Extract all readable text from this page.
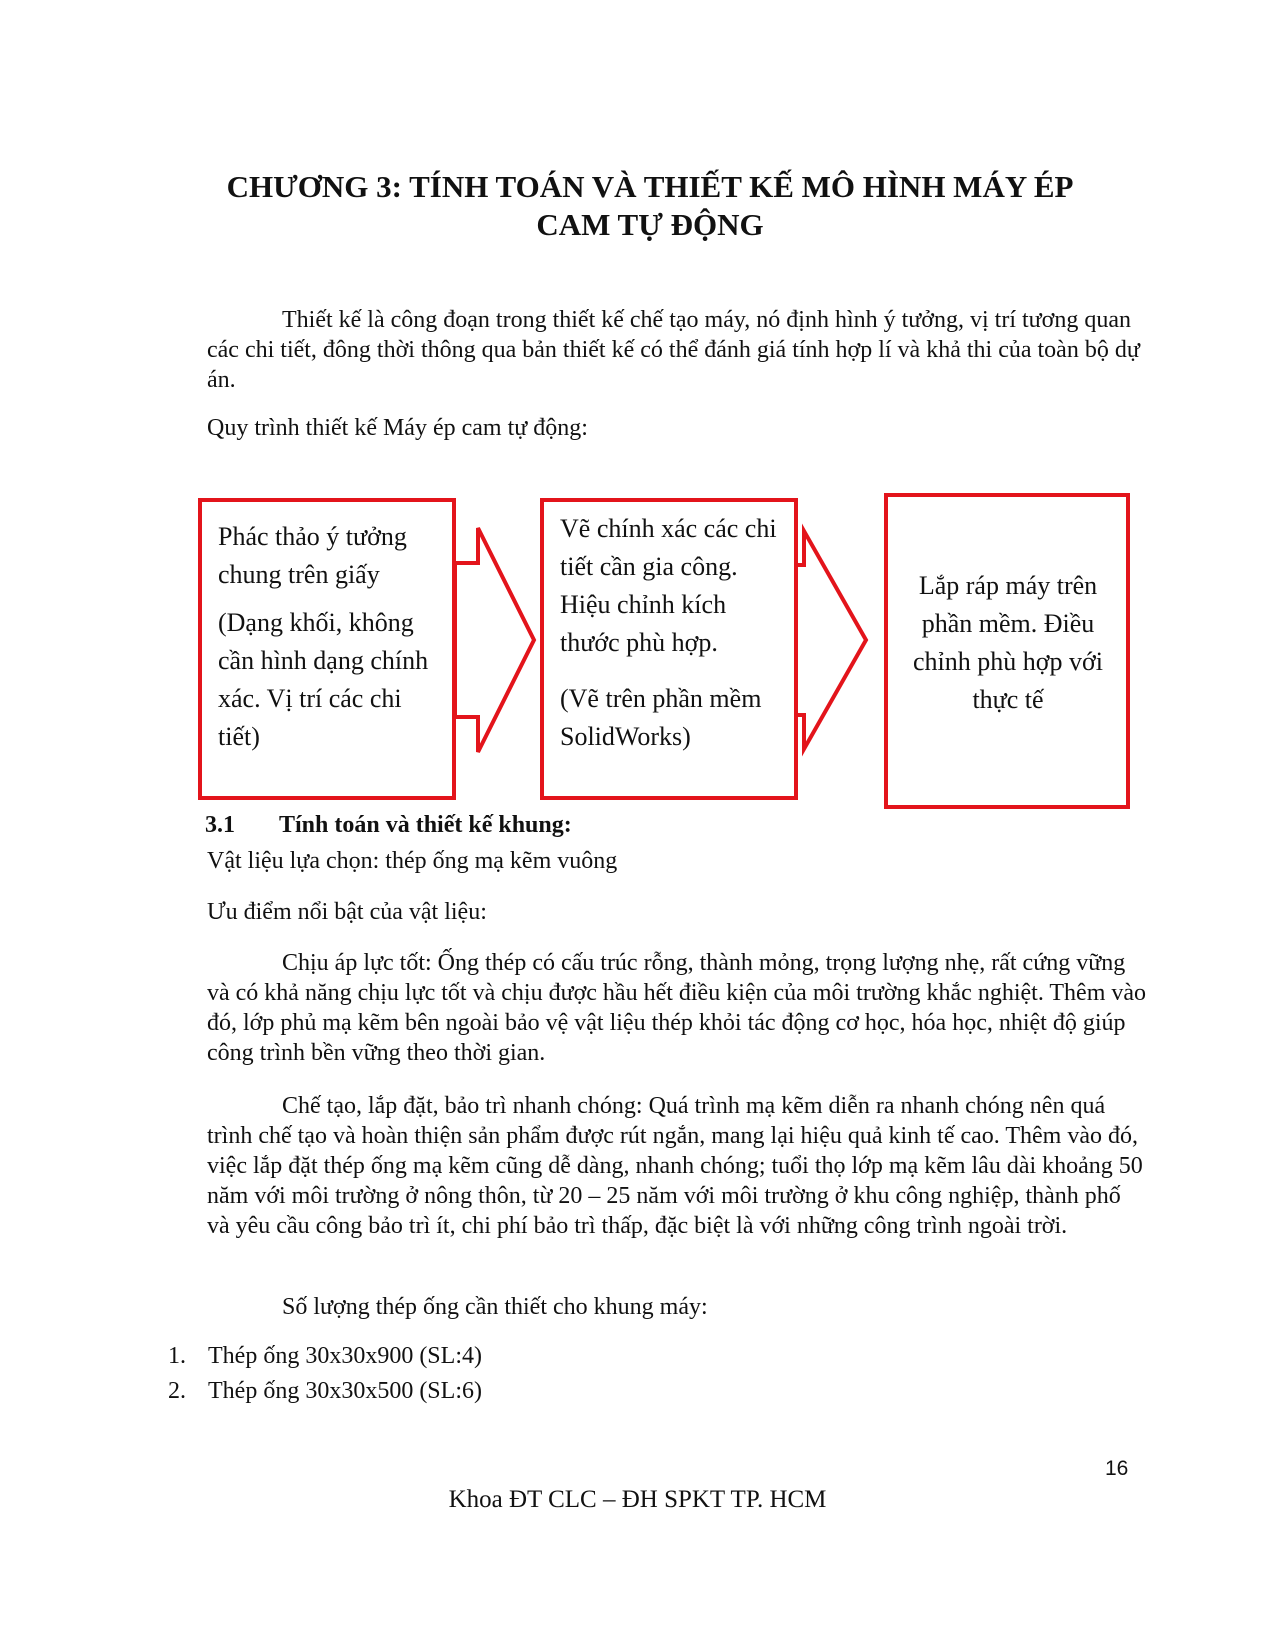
CHƯƠNG 3: TÍNH TOÁN VÀ THIẾT KẾ MÔ HÌNH MÁY ÉP
CAM TỰ ĐỘNG
Thiết kế là công đoạn trong thiết kế chế tạo máy, nó định hình ý tưởng, vị trí tương quan các chi tiết, đông thời thông qua bản thiết kế có thể đánh giá tính hợp lí và khả thi của toàn bộ dự án.
Quy trình thiết kế Máy ép cam tự động:
Phác thảo ý tưởng chung trên giấy
(Dạng khối, không cần hình dạng chính xác. Vị trí các chi tiết)
Vẽ chính xác các chi tiết cần gia công. Hiệu chỉnh kích thước phù hợp.
(Vẽ trên phần mềm SolidWorks)
Lắp ráp máy trên phần mềm. Điều chỉnh phù hợp với thực tế
3.1 Tính toán và thiết kế khung:
Vật liệu lựa chọn: thép ống mạ kẽm vuông
Ưu điểm nổi bật của vật liệu:
Chịu áp lực tốt: Ống thép có cấu trúc rỗng, thành mỏng, trọng lượng nhẹ, rất cứng vững và có khả năng chịu lực tốt và chịu được hầu hết điều kiện của môi trường khắc nghiệt. Thêm vào đó, lớp phủ mạ kẽm bên ngoài bảo vệ vật liệu thép khỏi tác động cơ học, hóa học, nhiệt độ giúp công trình bền vững theo thời gian.
Chế tạo, lắp đặt, bảo trì nhanh chóng: Quá trình mạ kẽm diễn ra nhanh chóng nên quá trình chế tạo và hoàn thiện sản phẩm được rút ngắn, mang lại hiệu quả kinh tế cao. Thêm vào đó, việc lắp đặt thép ống mạ kẽm cũng dễ dàng, nhanh chóng; tuổi thọ lớp mạ kẽm lâu dài khoảng 50 năm với môi trường ở nông thôn, từ 20 – 25 năm với môi trường ở khu công nghiệp, thành phố và yêu cầu công bảo trì ít, chi phí bảo trì thấp, đặc biệt là với những công trình ngoài trời.
Số lượng thép ống cần thiết cho khung máy:
1. Thép ống 30x30x900 (SL:4)
2. Thép ống 30x30x500 (SL:6)
16
Khoa ĐT CLC – ĐH SPKT TP. HCM
